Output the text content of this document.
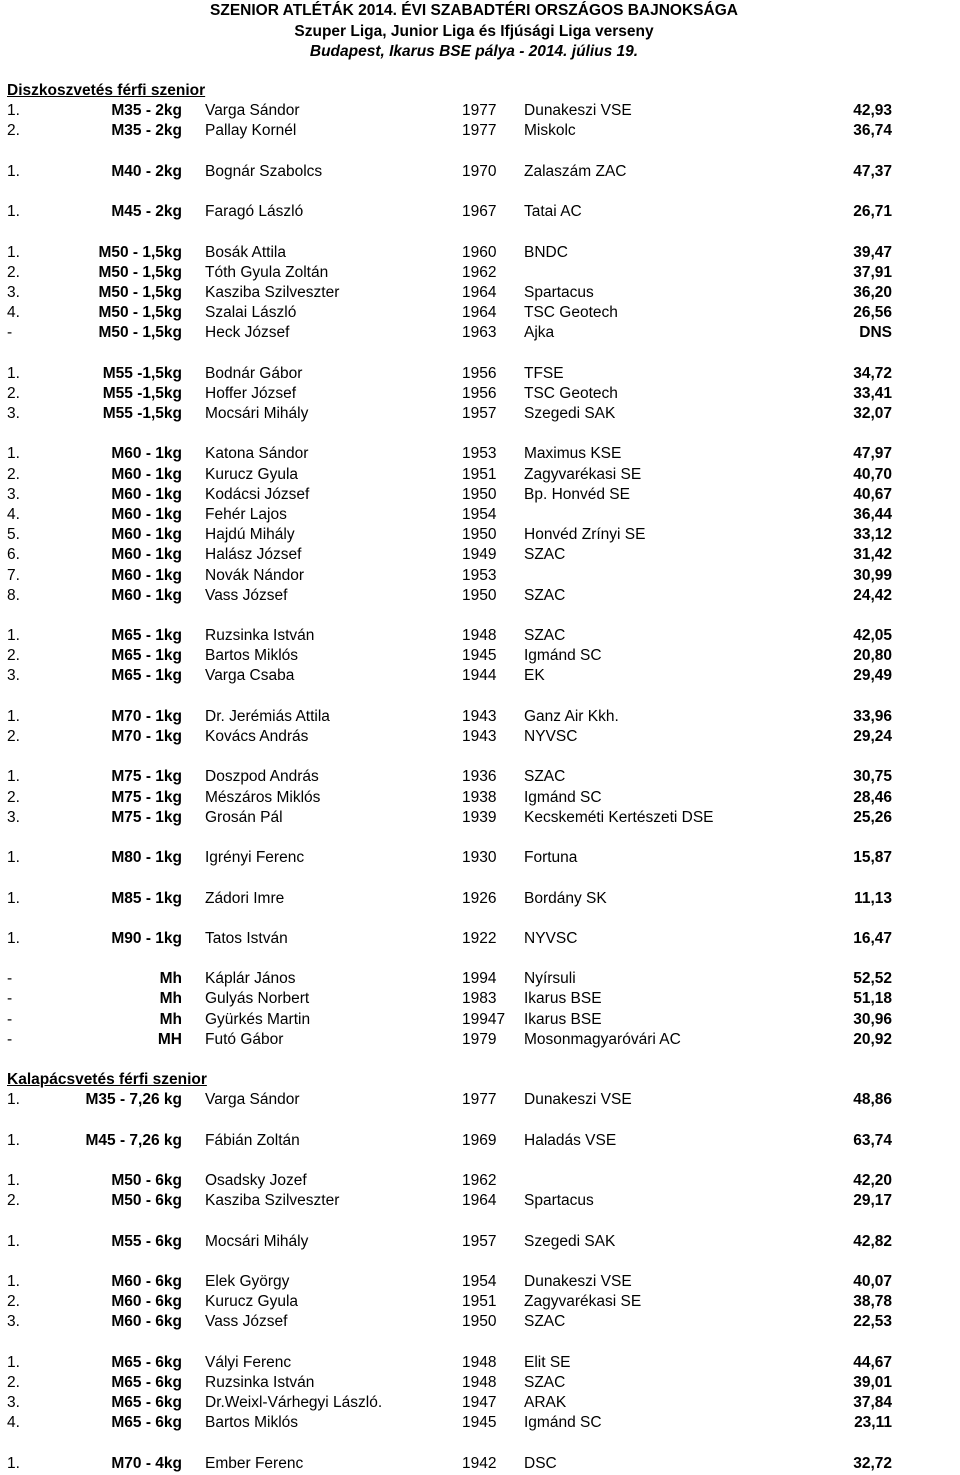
SZENIOR ATLÉTÁK 2014. ÉVI SZABADTÉRI ORSZÁGOS BAJNOKSÁGA
Szuper Liga, Junior Liga és Ifjúsági Liga verseny
Budapest, Ikarus BSE pálya - 2014. július 19.
Diszkoszvetés férfi szenior
1.	M35 - 2kg Varga Sándor	1977 Dunakeszi VSE	42,93
2.	M35 - 2kg Pallay Kornél	1977 Miskolc	36,74
1.	M40 - 2kg Bognár Szabolcs	1970 Zalaszám ZAC	47,37
1.	M45 - 2kg Faragó László	1967 Tatai AC	26,71
1.	M50 - 1,5kg Bosák Attila	1960 BNDC	39,47
2.	M50 - 1,5kg Tóth Gyula Zoltán	1962	37,91
3.	M50 - 1,5kg Kasziba Szilveszter	1964 Spartacus	36,20
4.	M50 - 1,5kg Szalai László	1964 TSC Geotech	26,56
-	M50 - 1,5kg Heck József	1963 Ajka	DNS
1.	M55 -1,5kg Bodnár Gábor	1956 TFSE	34,72
2.	M55 -1,5kg Hoffer József	1956 TSC Geotech	33,41
3.	M55 -1,5kg Mocsári Mihály	1957 Szegedi SAK	32,07
1.	M60 - 1kg Katona Sándor	1953 Maximus KSE	47,97
2.	M60 - 1kg Kurucz Gyula	1951 Zagyvarékasi SE	40,70
3.	M60 - 1kg Kodácsi József	1950 Bp. Honvéd SE	40,67
4.	M60 - 1kg Fehér Lajos	1954	36,44
5.	M60 - 1kg Hajdú Mihály	1950 Honvéd Zrínyi SE	33,12
6.	M60 - 1kg Halász József	1949 SZAC	31,42
7.	M60 - 1kg Novák Nándor	1953	30,99
8.	M60 - 1kg Vass József	1950 SZAC	24,42
1.	M65 - 1kg Ruzsinka István	1948 SZAC	42,05
2.	M65 - 1kg Bartos Miklós	1945 Igmánd SC	20,80
3.	M65 - 1kg Varga Csaba	1944 EK	29,49
1.	M70 - 1kg Dr. Jerémiás Attila	1943 Ganz Air Kkh.	33,96
2.	M70 - 1kg Kovács András	1943 NYVSC	29,24
1.	M75 - 1kg Doszpod András	1936 SZAC	30,75
2.	M75 - 1kg Mészáros Miklós	1938 Igmánd SC	28,46
3.	M75 - 1kg Grosán Pál	1939 Kecskeméti Kertészeti DSE	25,26
1.	M80 - 1kg Igrényi Ferenc	1930 Fortuna	15,87
1.	M85 - 1kg Zádori Imre	1926 Bordány SK	11,13
1.	M90 - 1kg Tatos István	1922 NYVSC	16,47
-	Mh Káplár János	1994 Nyírsuli	52,52
-	Mh Gulyás Norbert	1983 Ikarus BSE	51,18
-	Mh Gyürkés Martin	19947 Ikarus BSE	30,96
-	MH Futó Gábor	1979 Mosonmagyaróvári AC	20,92
Kalapácsvetés férfi szenior
1.	M35 - 7,26 kg Varga Sándor	1977 Dunakeszi VSE	48,86
1.	M45 - 7,26 kg Fábián Zoltán	1969 Haladás VSE	63,74
1.	M50 - 6kg Osadsky Jozef	1962	42,20
2.	M50 - 6kg Kasziba Szilveszter	1964 Spartacus	29,17
1.	M55 - 6kg Mocsári Mihály	1957 Szegedi SAK	42,82
1.	M60 - 6kg Elek György	1954 Dunakeszi VSE	40,07
2.	M60 - 6kg Kurucz Gyula	1951 Zagyvarékasi SE	38,78
3.	M60 - 6kg Vass József	1950 SZAC	22,53
1.	M65 - 6kg Vályi Ferenc	1948 Elit SE	44,67
2.	M65 - 6kg Ruzsinka István	1948 SZAC	39,01
3.	M65 - 6kg Dr.Weixl-Várhegyi László.	1947 ARAK	37,84
4.	M65 - 6kg Bartos Miklós	1945 Igmánd SC	23,11
1.	M70 - 4kg Ember Ferenc	1942 DSC	32,72
